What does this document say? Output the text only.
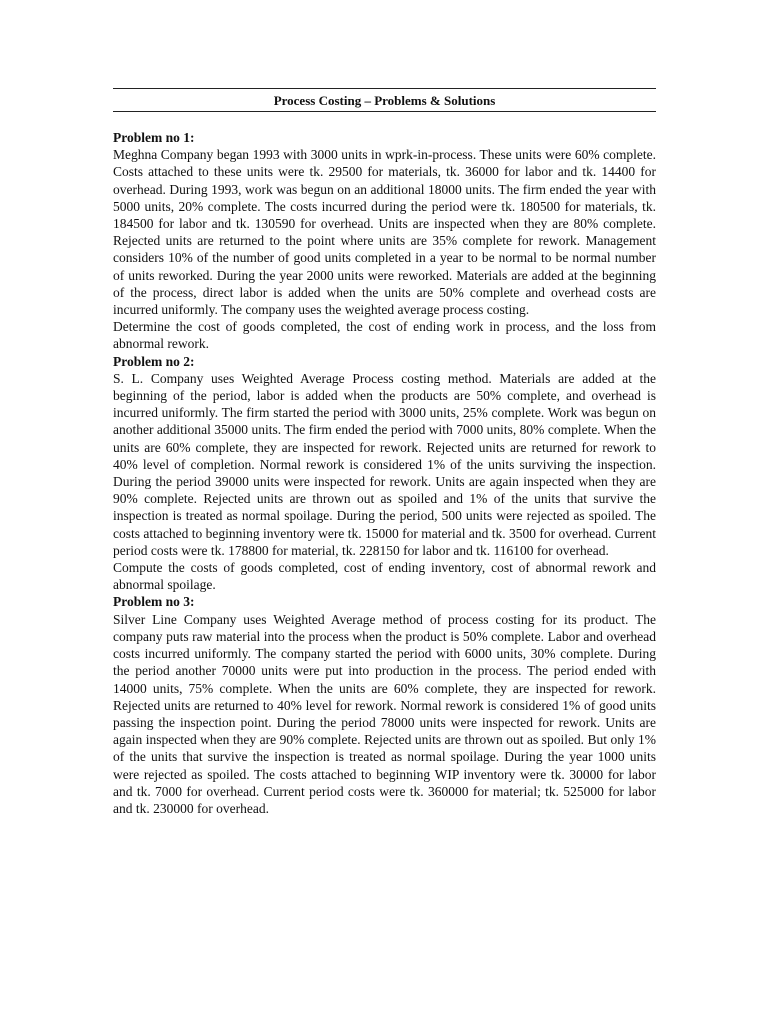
Process Costing – Problems & Solutions

Problem no 1:

Meghna Company began 1993 with 3000 units in wprk-in-process. These units were 60% complete. Costs attached to these units were tk. 29500 for materials, tk. 36000 for labor and tk. 14400 for overhead. During 1993, work was begun on an additional 18000 units. The firm ended the year with 5000 units, 20% complete. The costs incurred during the period were tk. 180500 for materials, tk. 184500 for labor and tk. 130590 for overhead. Units are inspected when they are 80% complete. Rejected units are returned to the point where units are 35% complete for rework. Management considers 10% of the number of good units completed in a year to be normal to be normal number of units reworked. During the year 2000 units were reworked. Materials are added at the beginning of the process, direct labor is added when the units are 50% complete and overhead costs are incurred uniformly. The company uses the weighted average process costing.

Determine the cost of goods completed, the cost of ending work in process, and the loss from abnormal rework.

Problem no 2:

S. L. Company uses Weighted Average Process costing method. Materials are added at the beginning of the period, labor is added when the products are 50% complete, and overhead is incurred uniformly. The firm started the period with 3000 units, 25% complete. Work was begun on another additional 35000 units. The firm ended the period with 7000 units, 80% complete. When the units are 60% complete, they are inspected for rework. Rejected units are returned for rework to 40% level of completion. Normal rework is considered 1% of the units surviving the inspection. During the period 39000 units were inspected for rework. Units are again inspected when they are 90% complete. Rejected units are thrown out as spoiled and 1% of the units that survive the inspection is treated as normal spoilage. During the period, 500 units were rejected as spoiled. The costs attached to beginning inventory were tk. 15000 for material and tk. 3500 for overhead. Current period costs were tk. 178800 for material, tk. 228150 for labor and tk. 116100 for overhead.

Compute the costs of goods completed, cost of ending inventory, cost of abnormal rework and abnormal spoilage.

Problem no 3:

Silver Line Company uses Weighted Average method of process costing for its product. The company puts raw material into the process when the product is 50% complete. Labor and overhead costs incurred uniformly. The company started the period with 6000 units, 30% complete. During the period another 70000 units were put into production in the process. The period ended with 14000 units, 75% complete. When the units are 60% complete, they are inspected for rework. Rejected units are returned to 40% level for rework. Normal rework is considered 1% of good units passing the inspection point. During the period 78000 units were inspected for rework. Units are again inspected when they are 90% complete. Rejected units are thrown out as spoiled. But only 1% of the units that survive the inspection is treated as normal spoilage. During the year 1000 units were rejected as spoiled. The costs attached to beginning WIP inventory were tk. 30000 for labor and tk. 7000 for overhead. Current period costs were tk. 360000 for material; tk. 525000 for labor and tk. 230000 for overhead.
